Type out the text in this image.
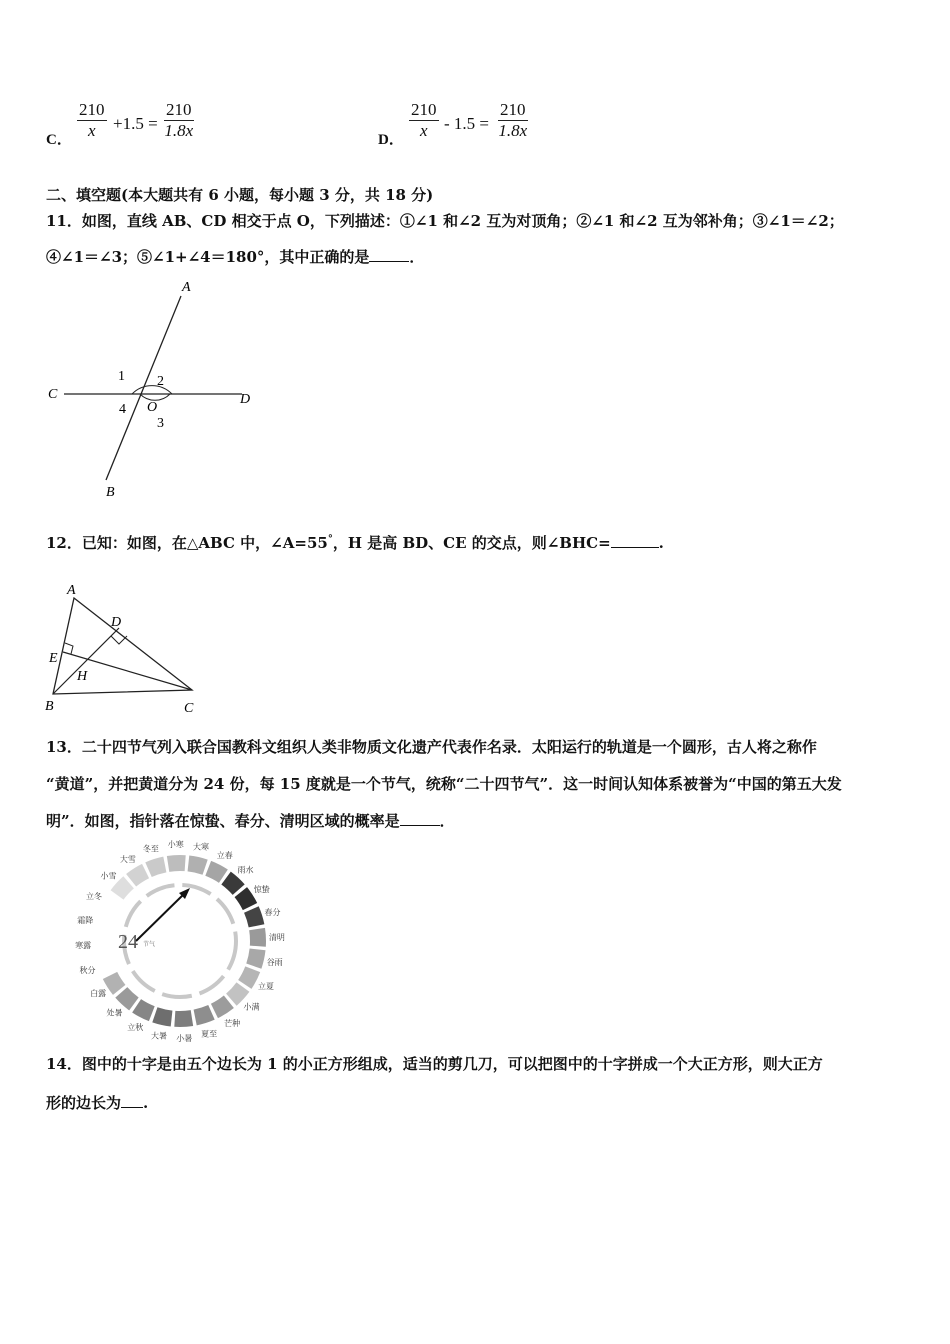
C． $\frac{210}{x} +1.5 = \frac{210}{1.8x}$	D． $\frac{210}{x} - 1.5 = \frac{210}{1.8x}$
二、填空题(本大题共有 6 小题，每小题 3 分，共 18 分)
11．如图，直线 AB、CD 相交于点 O，下列描述：①∠1 和∠2 互为对顶角；②∠1 和∠2 互为邻补角；③∠1＝∠2；
④∠1＝∠3；⑤∠1+∠4＝180°，其中正确的是	．
A
B
C	D
O
1 2
3
4
12．已知：如图，在△ABC 中，∠A=55°，H 是高 BD、CE 的交点，则∠BHC=	.
A
B	C
D
E
H
13．二十四节气列入联合国教科文组织人类非物质文化遗产代表作名录．太阳运行的轨道是一个圆形，古人将之称作
“黄道”，并把黄道分为 24 份，每 15 度就是一个节气，统称“二十四节气”．这一时间认知体系被誉为“中国的第五大发
明”．如图，指针落在惊蛰、春分、清明区域的概率是	．
24 节气
小寒 大寒
立春
雨水
惊蛰
春分
清明
谷雨
立夏
小满
芒种
夏至
小暑
大暑
立秋
处暑
白露
秋分
寒露
霜降
立冬
小雪
大雪
冬至
14．图中的十字是由五个边长为 1 的小正方形组成，适当的剪几刀，可以把图中的十字拼成一个大正方形，则大正方
形的边长为 .
